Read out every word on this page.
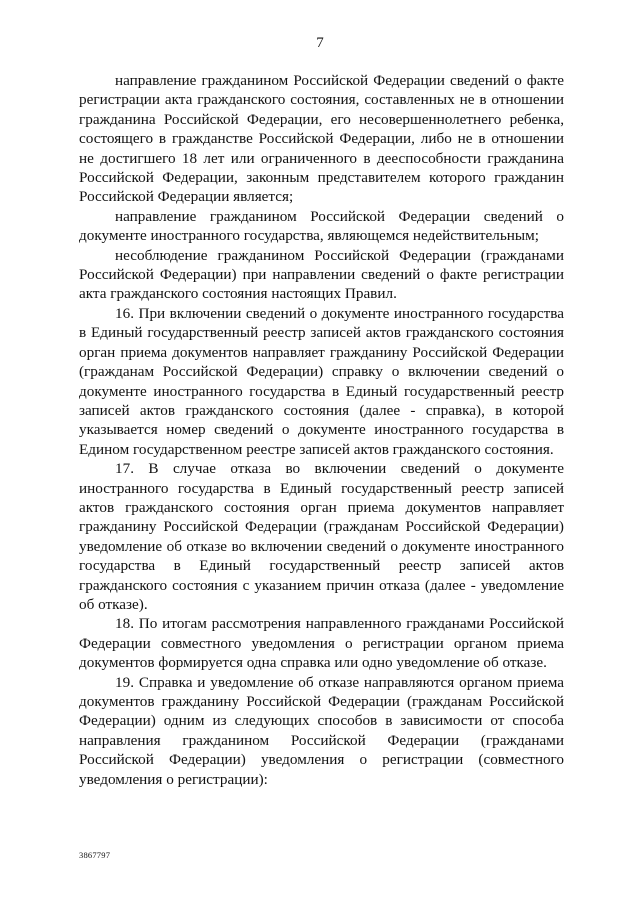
7

направление гражданином Российской Федерации сведений о факте регистрации акта гражданского состояния, составленных не в отношении гражданина Российской Федерации, его несовершеннолетнего ребенка, состоящего в гражданстве Российской Федерации, либо не в отношении не достигшего 18 лет или ограниченного в дееспособности гражданина Российской Федерации, законным представителем которого гражданин Российской Федерации является;

направление гражданином Российской Федерации сведений о документе иностранного государства, являющемся недействительным;

несоблюдение гражданином Российской Федерации (гражданами Российской Федерации) при направлении сведений о факте регистрации акта гражданского состояния настоящих Правил.

16. При включении сведений о документе иностранного государства в Единый государственный реестр записей актов гражданского состояния орган приема документов направляет гражданину Российской Федерации (гражданам Российской Федерации) справку о включении сведений о документе иностранного государства в Единый государственный реестр записей актов гражданского состояния (далее - справка), в которой указывается номер сведений о документе иностранного государства в Едином государственном реестре записей актов гражданского состояния.

17. В случае отказа во включении сведений о документе иностранного государства в Единый государственный реестр записей актов гражданского состояния орган приема документов направляет гражданину Российской Федерации (гражданам Российской Федерации) уведомление об отказе во включении сведений о документе иностранного государства в Единый государственный реестр записей актов гражданского состояния с указанием причин отказа (далее - уведомление об отказе).

18. По итогам рассмотрения направленного гражданами Российской Федерации совместного уведомления о регистрации органом приема документов формируется одна справка или одно уведомление об отказе.

19. Справка и уведомление об отказе направляются органом приема документов гражданину Российской Федерации (гражданам Российской Федерации) одним из следующих способов в зависимости от способа направления гражданином Российской Федерации (гражданами Российской Федерации) уведомления о регистрации (совместного уведомления о регистрации):

3867797
